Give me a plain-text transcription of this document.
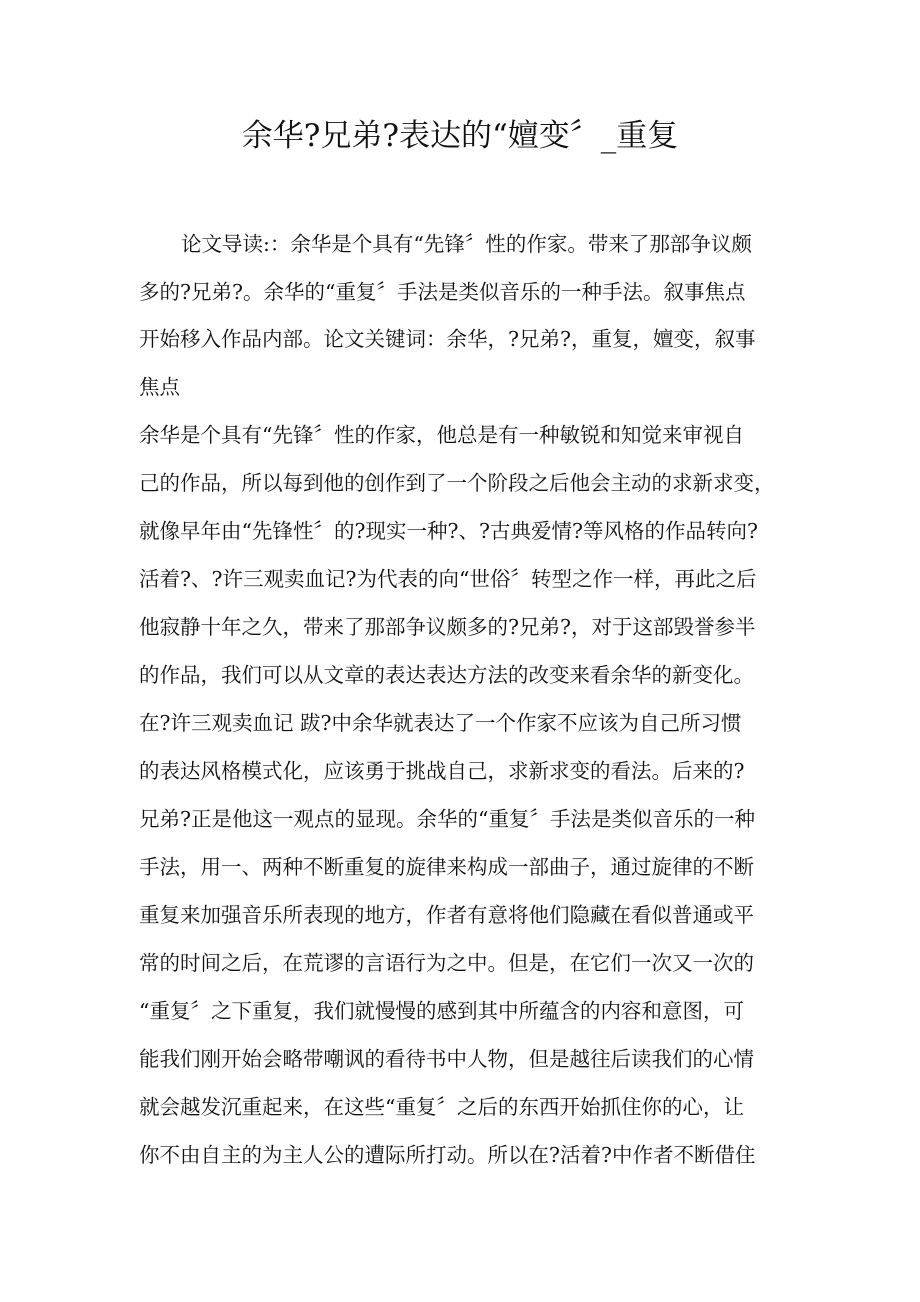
余华?兄弟?表达的“嬗变〞_重复
论文导读:：余华是个具有“先锋〞性的作家。带来了那部争议颇
多的?兄弟?。余华的“重复〞手法是类似音乐的一种手法。叙事焦点
开始移入作品内部。论文关键词：余华，?兄弟?，重复，嬗变，叙事
焦点
余华是个具有“先锋〞性的作家，他总是有一种敏锐和知觉来审视自
己的作品，所以每到他的创作到了一个阶段之后他会主动的求新求变，
就像早年由“先锋性〞的?现实一种?、?古典爱情?等风格的作品转向?
活着?、?许三观卖血记?为代表的向“世俗〞转型之作一样，再此之后
他寂静十年之久，带来了那部争议颇多的?兄弟?，对于这部毁誉参半
的作品，我们可以从文章的表达表达方法的改变来看余华的新变化。
在?许三观卖血记 跋?中余华就表达了一个作家不应该为自己所习惯
的表达风格模式化，应该勇于挑战自己，求新求变的看法。后来的?
兄弟?正是他这一观点的显现。余华的“重复〞手法是类似音乐的一种
手法，用一、两种不断重复的旋律来构成一部曲子，通过旋律的不断
重复来加强音乐所表现的地方，作者有意将他们隐藏在看似普通或平
常的时间之后，在荒谬的言语行为之中。但是，在它们一次又一次的
“重复〞之下重复，我们就慢慢的感到其中所蕴含的内容和意图，可
能我们刚开始会略带嘲讽的看待书中人物，但是越往后读我们的心情
就会越发沉重起来，在这些“重复〞之后的东西开始抓住你的心，让
你不由自主的为主人公的遭际所打动。所以在?活着?中作者不断借住
